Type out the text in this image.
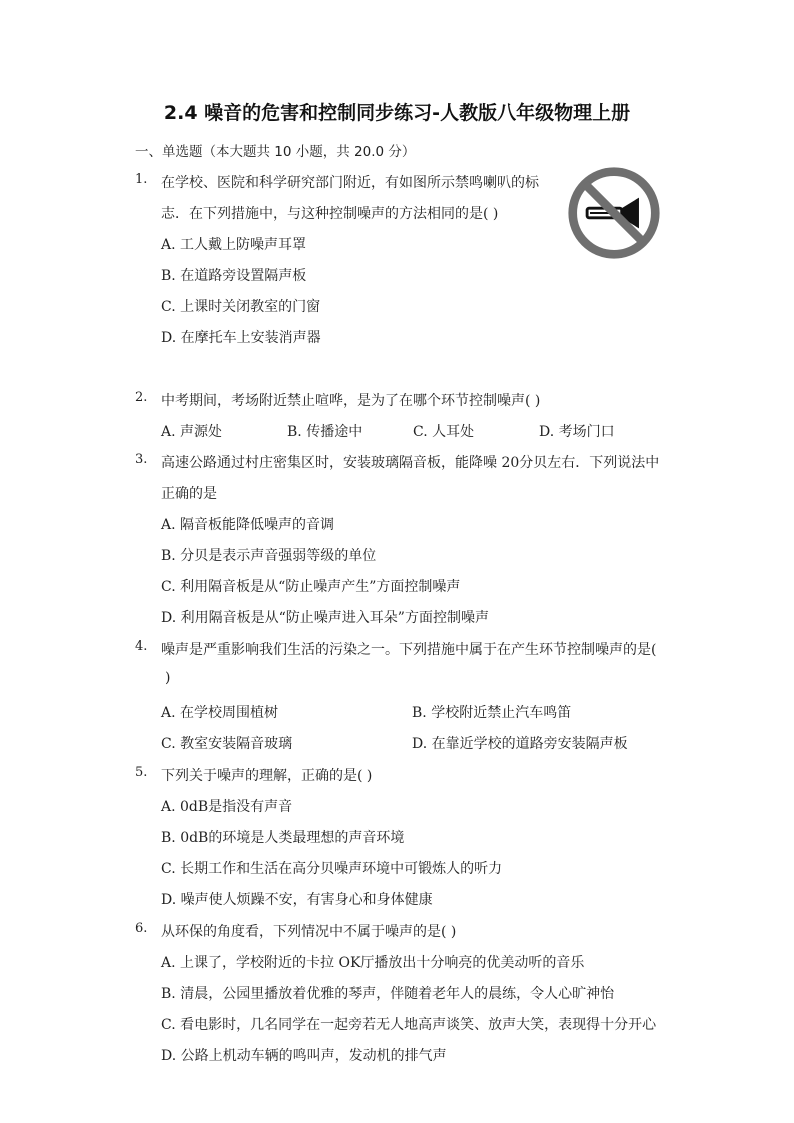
2.4 噪音的危害和控制同步练习-人教版八年级物理上册
一、单选题（本大题共 10 小题，共 20.0 分）
1. 在学校、医院和科学研究部门附近，有如图所示禁鸣喇叭的标
志．在下列措施中，与这种控制噪声的方法相同的是( )
A. 工人戴上防噪声耳罩
B. 在道路旁设置隔声板
C. 上课时关闭教室的门窗
D. 在摩托车上安装消声器
2. 中考期间，考场附近禁止喧哗，是为了在哪个环节控制噪声( )
A. 声源处	B. 传播途中	C. 人耳处	D. 考场门口
3. 高速公路通过村庄密集区时，安装玻璃隔音板，能降噪 20分贝左右．下列说法中
正确的是
A. 隔音板能降低噪声的音调
B. 分贝是表示声音强弱等级的单位
C. 利用隔音板是从“防止噪声产生”方面控制噪声
D. 利用隔音板是从“防止噪声进入耳朵”方面控制噪声
4. 噪声是严重影响我们生活的污染之一。下列措施中属于在产生环节控制噪声的是(
)
A. 在学校周围植树	B. 学校附近禁止汽车鸣笛
C. 教室安装隔音玻璃	D. 在靠近学校的道路旁安装隔声板
5. 下列关于噪声的理解，正确的是( )
A. 0dB是指没有声音
B. 0dB的环境是人类最理想的声音环境
C. 长期工作和生活在高分贝噪声环境中可锻炼人的听力
D. 噪声使人烦躁不安，有害身心和身体健康
6. 从环保的角度看，下列情况中不属于噪声的是( )
A. 上课了，学校附近的卡拉 OK厅播放出十分响亮的优美动听的音乐
B. 清晨，公园里播放着优雅的琴声，伴随着老年人的晨练，令人心旷神怡
C. 看电影时，几名同学在一起旁若无人地高声谈笑、放声大笑，表现得十分开心
D. 公路上机动车辆的鸣叫声，发动机的排气声
